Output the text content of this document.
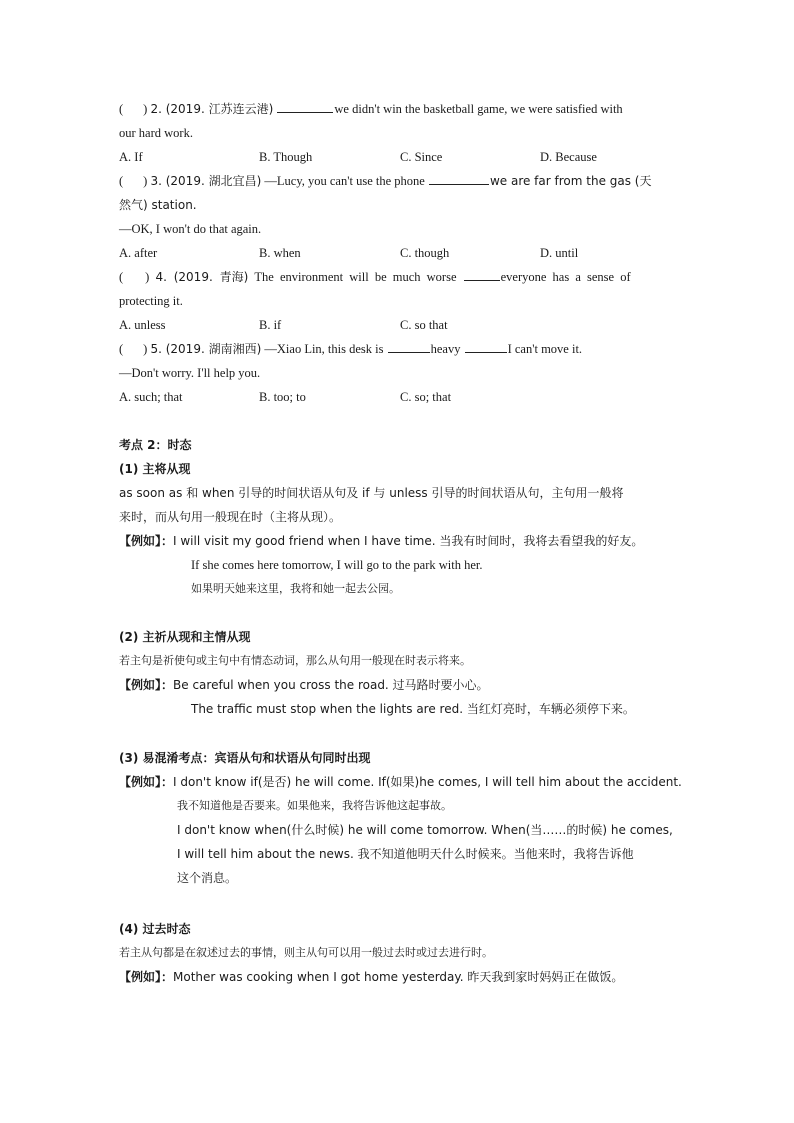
( ) 2. (2019. 江苏连云港)	we didn't win the basketball game, we were satisfied with
our hard work.
A. If	B. Though	C. Since	D. Because
( ) 3. (2019. 湖北宜昌) —Lucy, you can't use the phone	we are far from the gas (天
然气) station.
—OK, I won't do that again.
A. after	B. when	C. though	D. until
( ) 4. (2019. 青海) The environment will be much worse	everyone has a sense of
protecting it.
A. unless	B. if	C. so that
( ) 5. (2019. 湖南湘西) —Xiao Lin, this desk is	heavy	I can't move it.
—Don't worry. I'll help you.
A. such; that	B. too; to	C. so; that
考点 2：时态
(1) 主将从现
as soon as 和 when 引导的时间状语从句及 if 与 unless 引导的时间状语从句，主句用一般将
来时，而从句用一般现在时（主将从现）。
【例如】：I will visit my good friend when I have time. 当我有时间时，我将去看望我的好友。
If she comes here tomorrow, I will go to the park with her.
如果明天她来这里，我将和她一起去公园。
(2) 主祈从现和主情从现
若主句是祈使句或主句中有情态动词，那么从句用一般现在时表示将来。
【例如】：Be careful when you cross the road. 过马路时要小心。
The traffic must stop when the lights are red. 当红灯亮时，车辆必须停下来。
(3) 易混淆考点：宾语从句和状语从句同时出现
【例如】：I don't know if(是否) he will come. If(如果)he comes, I will tell him about the accident.
我不知道他是否要来。如果他来，我将告诉他这起事故。
I don't know when(什么时候) he will come tomorrow. When(当……的时候) he comes,
I will tell him about the news. 我不知道他明天什么时候来。当他来时，我将告诉他
这个消息。
(4) 过去时态
若主从句都是在叙述过去的事情，则主从句可以用一般过去时或过去进行时。
【例如】：Mother was cooking when I got home yesterday. 昨天我到家时妈妈正在做饭。
